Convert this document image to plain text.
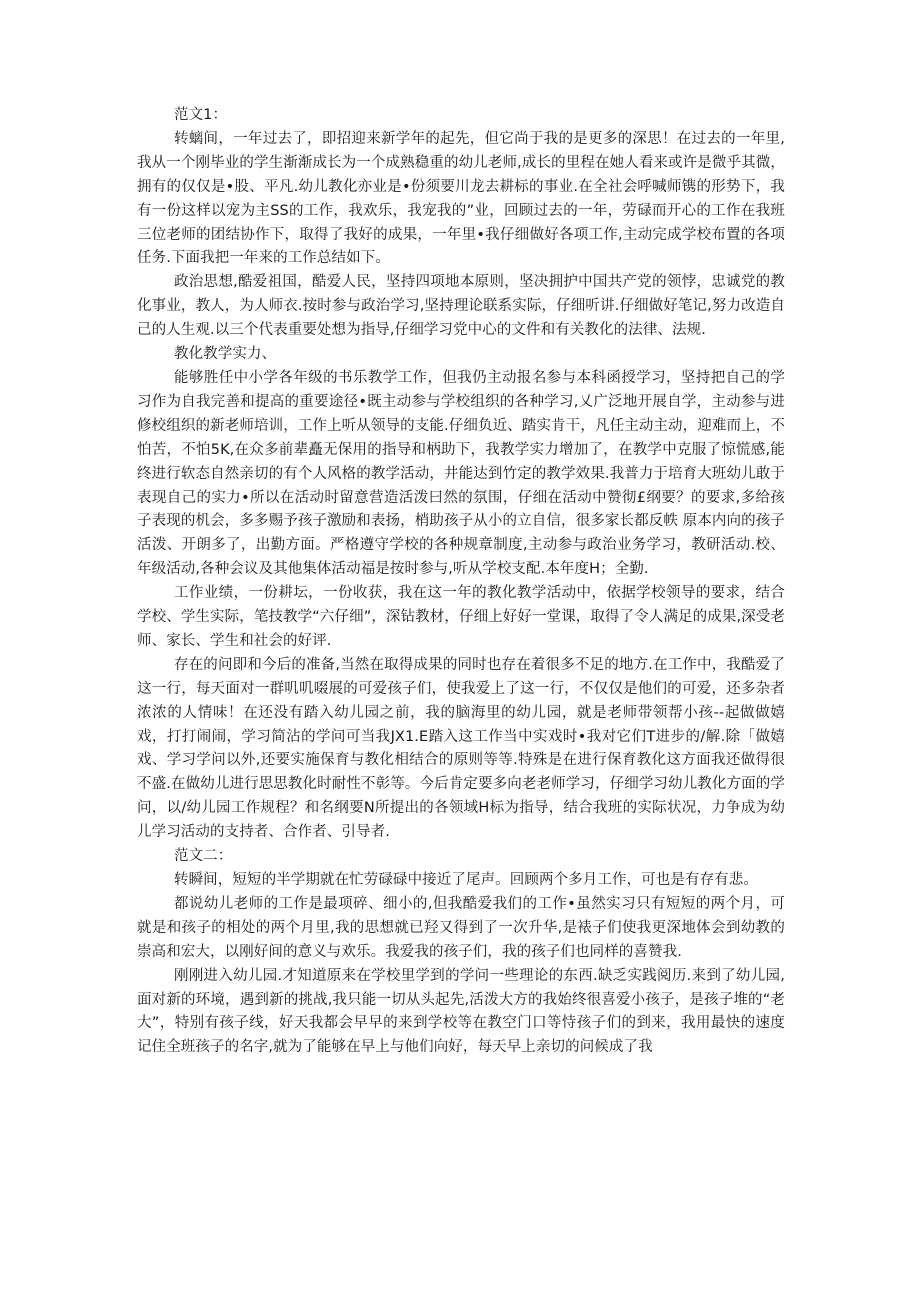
范文1：

转螭间，一年过去了，即招迎来新学年的起先，但它尚于我的是更多的深思！在过去的一年里,我从一个刚毕业的学生渐渐成长为一个成熟稳重的幼儿老师,成长的里程在她人看来或许是微乎其微，拥有的仅仅是•股、平凡.幼儿教化亦业是•份须要川龙去耕标的事业.在全社会呼喊师镌的形势下，我有一份这样以宠为主SS的工作，我欢乐，我宠我的”业，回顾过去的一年，劳碌而开心的工作在我班三位老师的团结协作下，取得了我好的成果，一年里•我仔细做好各项工作,主动完成学校布置的各项任务.下面我把一年来的工作总结如下。

政治思想,酷爱祖国，酷爱人民，坚持四项地本原则，坚决拥护中国共产党的领悖，忠诚党的教化事业，教人，为人师衣.按时参与政治学习,坚持理论联系实际，仔细听讲.仔细做好笔记,努力改造自己的人生观.以三个代表重要处想为指导,仔细学习党中心的文件和有关教化的法律、法规.

教化教学实力、

能够胜任中小学各年级的书乐教学工作，但我仍主动报名参与本科函授学习，坚持把自己的学习作为自我完善和提高的重要途径•既主动参与学校组织的各种学习,乂广泛地开展自学，主动参与进修校组织的新老师培训，工作上听从领导的支能.仔细负近、踏实肯干，凡任主动主动，迎难而上，不怕苦，不怕5K,在众多前辈矗无保用的指导和柄助下，我教学实力增加了，在教学中克服了惊慌感,能终进行软态自然亲切的有个人风格的教学活动，井能达到竹定的教学效果.我普力于培育大班幼儿敢于表现自己的实力•所以在活动时留意营造活泼曰然的氛围，仔细在活动中赞彻£纲要？的要求,多给孩子表现的机会，多多赐予孩子激励和表扬，梢助孩子从小的立自信，很多家长都反帙 原本内向的孩子活泼、开朗多了，出勤方面。严格遵守学校的各种规章制度,主动参与政治业务学习，教研活动.校、年级活动,各种会议及其他集体活动福是按时参与,听从学校支配.本年度H；全勤.

工作业绩，一份耕坛，一份收获，我在这一年的教化教学活动中，依据学校领导的要求，结合学校、学生实际，笔技教学“六仔细”，深钻教材，仔细上好好一堂课，取得了令人满足的成果,深受老师、家长、学生和社会的好评.

存在的问即和今后的准备,当然在取得成果的同时也存在着很多不足的地方.在工作中，我酷爱了这一行，每天面对一群叽叽啜展的可爱孩子们，使我爱上了这一行，不仅仅是他们的可爱，还多杂者浓浓的人情味！在还没有踏入幼儿园之前，我的脑海里的幼儿园，就是老师带领帮小孩--起做做嬉戏，打打闹闹，学习简沾的学问可当我JX1.E踏入这工作当中实戏时•我对它们T进步的/解.除「做嬉戏、学习学问以外,还要实施保育与教化相结合的原则等等.特殊是在进行保育教化这方面我还做得很不盛.在做幼儿进行思思教化时耐性不彰等。今后肯定要多向老老师学习，仔细学习幼儿教化方面的学问，以/幼儿园工作规程？和名纲要N所提出的各领域H标为指导，结合我班的实际状况，力争成为幼儿学习活动的支持者、合作者、引导者.

范文二：

转瞬间，短短的半学期就在忙劳碌碌中接近了尾声。回顾两个多月工作，可也是有存有悲。

都说幼儿老师的工作是最项碎、细小的,但我酷爱我们的工作•虽然实习只有短短的两个月，可就是和孩子的相处的两个月里,我的思想就已羟又得到了一次升华,是裱子们使我更深地体会到幼教的崇高和宏大，以刚好间的意义与欢乐。我爱我的孩子们，我的孩子们也同样的喜赞我.

刚刚进入幼儿园.才知道原来在学校里学到的学问一些理论的东西.缺乏实践阅历.来到了幼儿园,面对新的环境，遇到新的挑战,我只能一切从头起先,活泼大方的我始终很喜爱小孩子，是孩子堆的“老大”，特别有孩子线，好天我都会早早的来到学校等在教空门口等恃孩子们的到来，我用最快的速度记住全班孩子的名字,就为了能够在早上与他们向好，每天早上亲切的问候成了我
